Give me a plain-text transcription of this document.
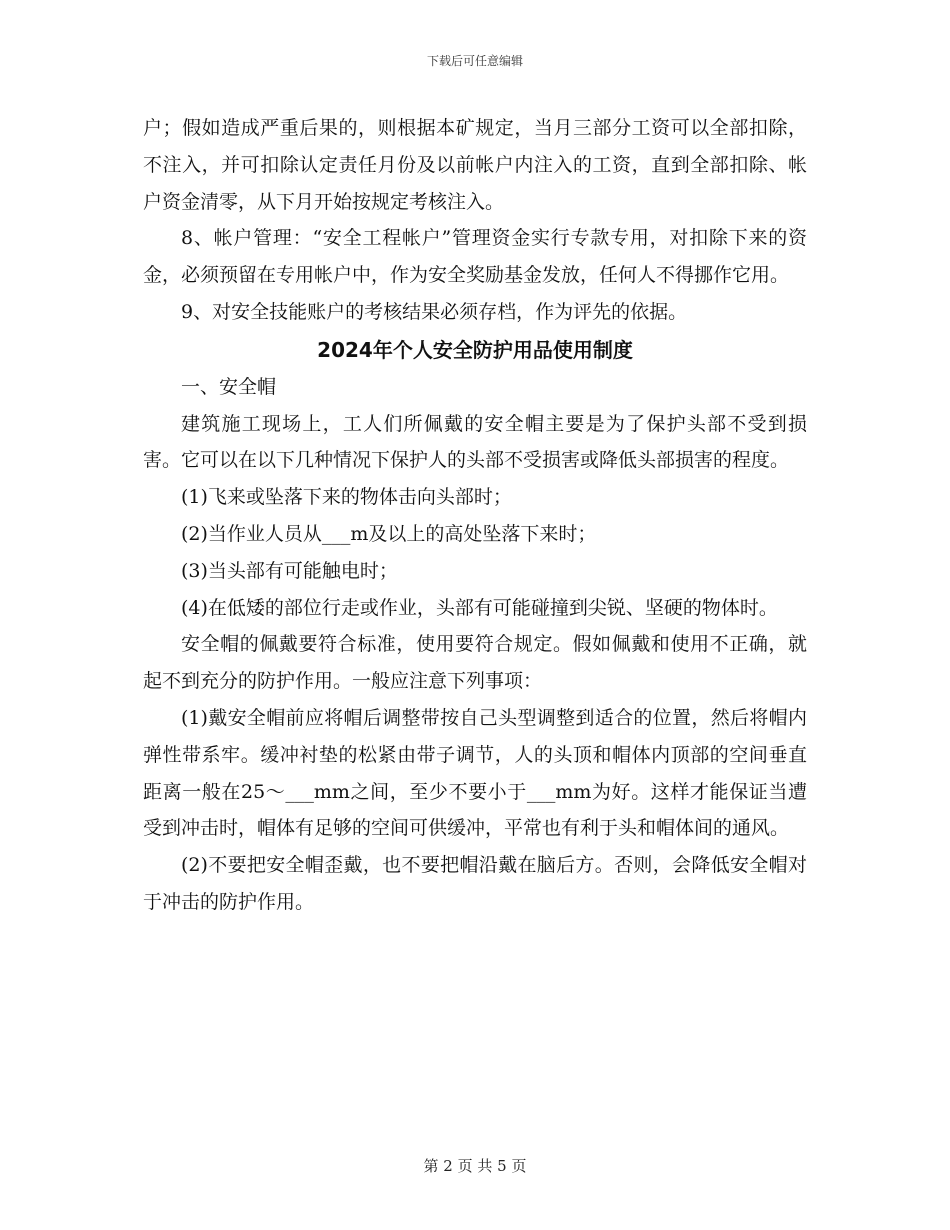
下载后可任意编辑

户；假如造成严重后果的，则根据本矿规定，当月三部分工资可以全部扣除，不注入，并可扣除认定责任月份及以前帐户内注入的工资，直到全部扣除、帐户资金清零，从下月开始按规定考核注入。

8、帐户管理：“安全工程帐户”管理资金实行专款专用，对扣除下来的资金，必须预留在专用帐户中，作为安全奖励基金发放，任何人不得挪作它用。

9、对安全技能账户的考核结果必须存档，作为评先的依据。

2024年个人安全防护用品使用制度

一、安全帽

建筑施工现场上，工人们所佩戴的安全帽主要是为了保护头部不受到损害。它可以在以下几种情况下保护人的头部不受损害或降低头部损害的程度。

(1)飞来或坠落下来的物体击向头部时；

(2)当作业人员从___m及以上的高处坠落下来时；

(3)当头部有可能触电时；

(4)在低矮的部位行走或作业，头部有可能碰撞到尖锐、坚硬的物体时。

安全帽的佩戴要符合标准，使用要符合规定。假如佩戴和使用不正确，就起不到充分的防护作用。一般应注意下列事项：

(1)戴安全帽前应将帽后调整带按自己头型调整到适合的位置，然后将帽内弹性带系牢。缓冲衬垫的松紧由带子调节，人的头顶和帽体内顶部的空间垂直距离一般在25～___mm之间，至少不要小于___mm为好。这样才能保证当遭受到冲击时，帽体有足够的空间可供缓冲，平常也有利于头和帽体间的通风。

(2)不要把安全帽歪戴，也不要把帽沿戴在脑后方。否则，会降低安全帽对于冲击的防护作用。

第 2 页 共 5 页
